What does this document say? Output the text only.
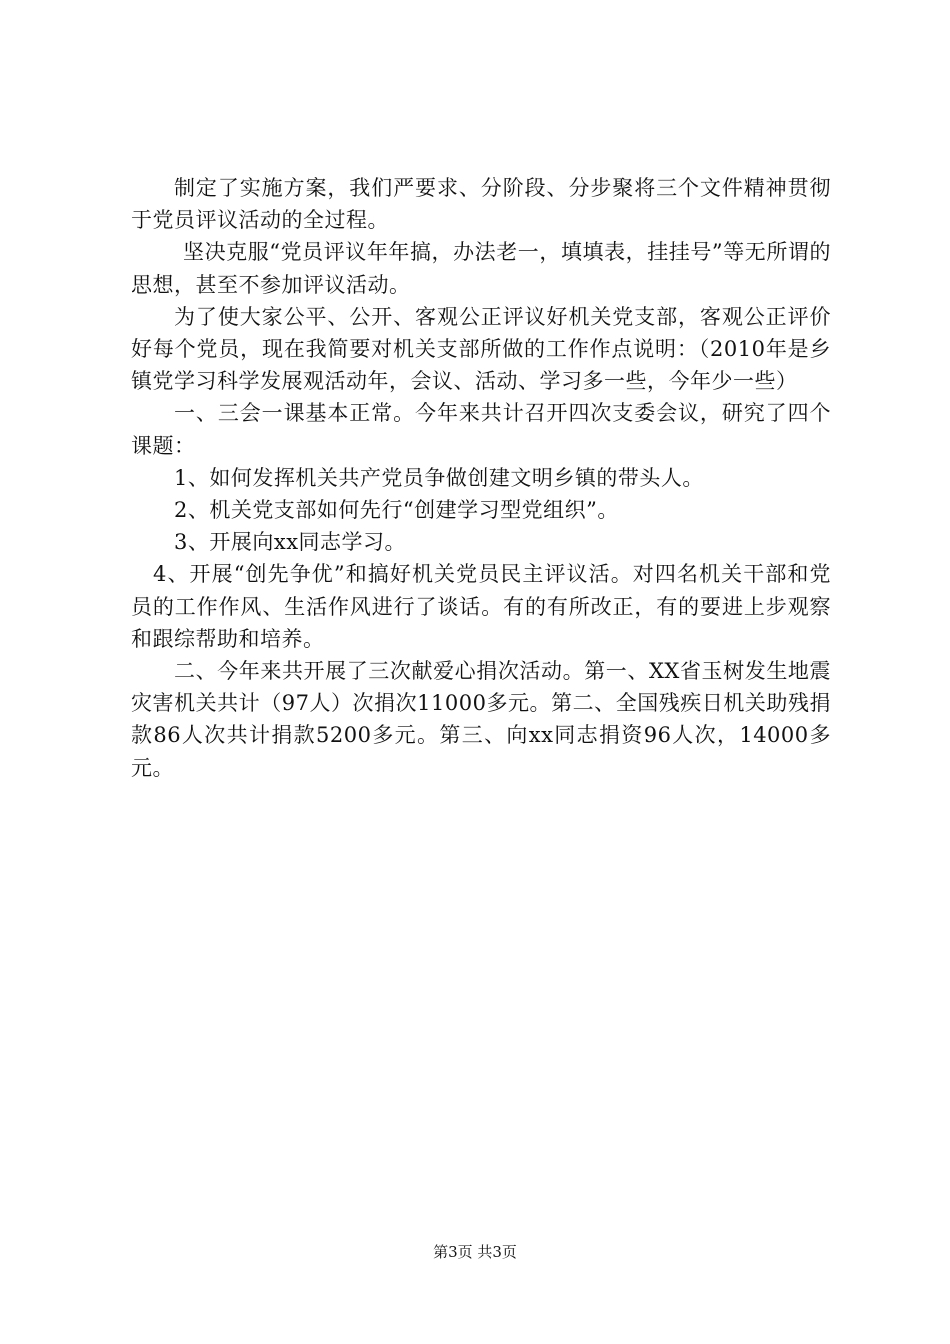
制定了实施方案，我们严要求、分阶段、分步聚将三个文件精神贯彻于党员评议活动的全过程。

坚决克服“党员评议年年搞，办法老一，填填表，挂挂号”等无所谓的思想，甚至不参加评议活动。

为了使大家公平、公开、客观公正评议好机关党支部，客观公正评价好每个党员，现在我简要对机关支部所做的工作作点说明：（2010年是乡镇党学习科学发展观活动年，会议、活动、学习多一些，今年少一些）

一、三会一课基本正常。今年来共计召开四次支委会议，研究了四个课题：

1、如何发挥机关共产党员争做创建文明乡镇的带头人。

2、机关党支部如何先行“创建学习型党组织”。

3、开展向xx同志学习。

4、开展“创先争优”和搞好机关党员民主评议活。对四名机关干部和党员的工作作风、生活作风进行了谈话。有的有所改正，有的要进上步观察和跟综帮助和培养。

二、今年来共开展了三次献爱心捐次活动。第一、XX省玉树发生地震灾害机关共计（97人）次捐次11000多元。第二、全国残疾日机关助残捐款86人次共计捐款5200多元。第三、向xx同志捐资96人次，14000多元。

第3页 共3页
